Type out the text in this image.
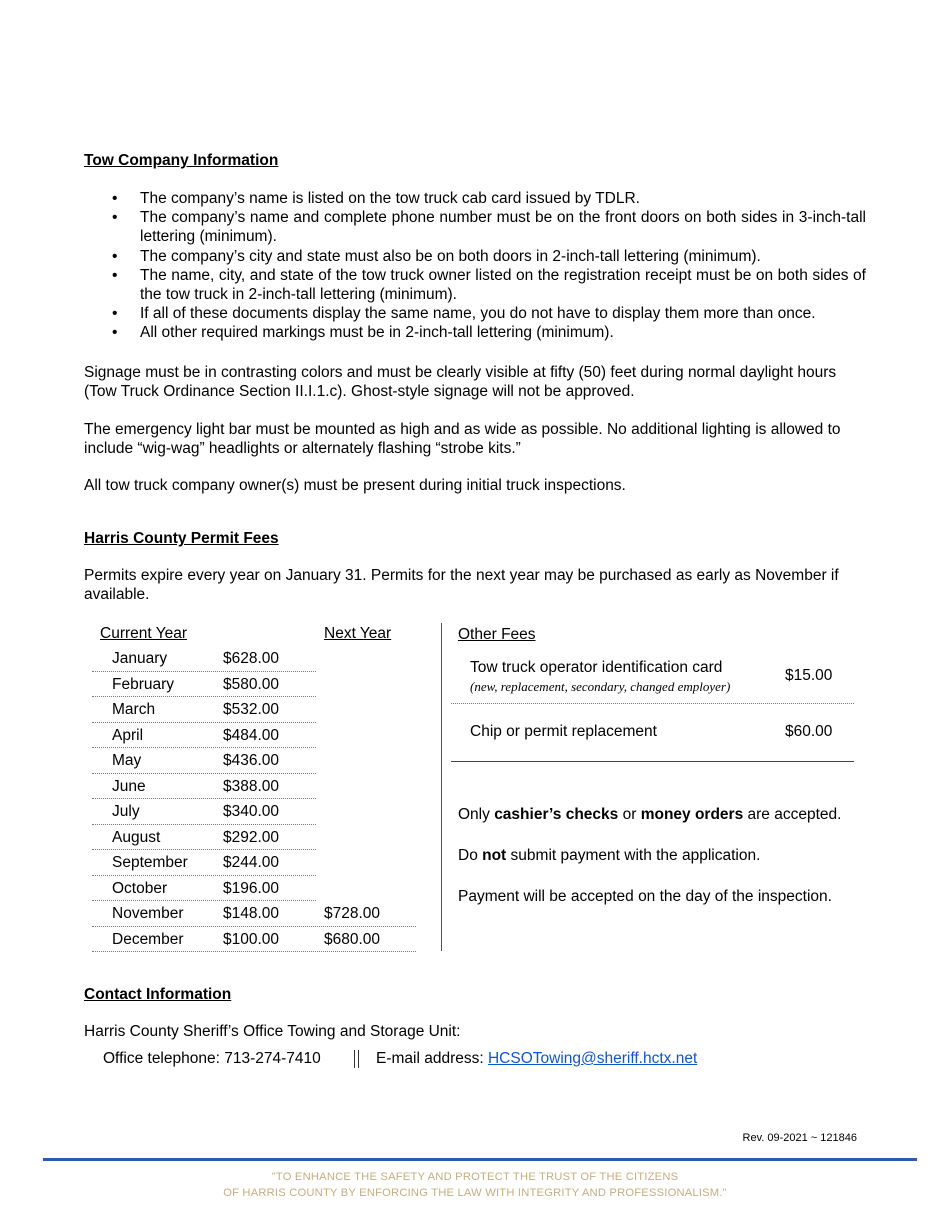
Tow Company Information
• The company’s name is listed on the tow truck cab card issued by TDLR.
• The company’s name and complete phone number must be on the front doors on both sides in 3-inch-tall lettering (minimum).
• The company’s city and state must also be on both doors in 2-inch-tall lettering (minimum).
• The name, city, and state of the tow truck owner listed on the registration receipt must be on both sides of the tow truck in 2-inch-tall lettering (minimum).
• If all of these documents display the same name, you do not have to display them more than once.
• All other required markings must be in 2-inch-tall lettering (minimum).

Signage must be in contrasting colors and must be clearly visible at fifty (50) feet during normal daylight hours (Tow Truck Ordinance Section II.I.1.c). Ghost-style signage will not be approved.

The emergency light bar must be mounted as high and as wide as possible. No additional lighting is allowed to include “wig-wag” headlights or alternately flashing “strobe kits.”

All tow truck company owner(s) must be present during initial truck inspections.

Harris County Permit Fees

Permits expire every year on January 31. Permits for the next year may be purchased as early as November if available.

Current Year	Next Year
January	$628.00
February	$580.00
March	$532.00
April	$484.00
May	$436.00
June	$388.00
July	$340.00
August	$292.00
September $244.00
October	$196.00
November	$148.00	$728.00
December	$100.00	$680.00
Other Fees
Tow truck operator identification card
(new, replacement, secondary, changed employer)
$15.00
Chip or permit replacement	$60.00
Only cashier’s checks or money orders are accepted.
Do not submit payment with the application.
Payment will be accepted on the day of the inspection.
Contact Information
Harris County Sheriff’s Office Towing and Storage Unit:
Office telephone: 713-274-7410	E-mail address: HCSOTowing@sheriff.hctx.net
Rev. 09-2021 ~ 121846
"TO ENHANCE THE SAFETY AND PROTECT THE TRUST OF THE CITIZENS
OF HARRIS COUNTY BY ENFORCING THE LAW WITH INTEGRITY AND PROFESSIONALISM."
